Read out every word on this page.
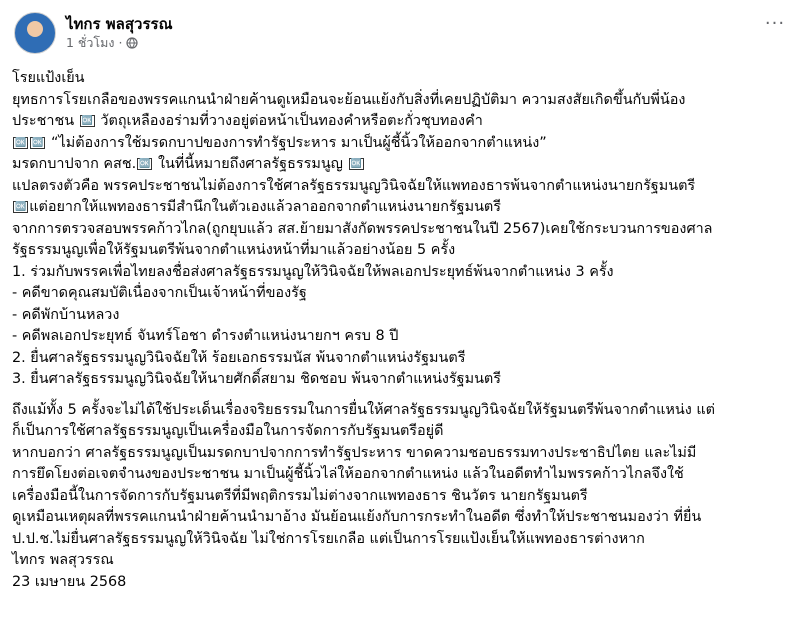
ไทกร พลสุวรรณ
1 ชั่วโมง ·
···
โรยแป้งเย็น
ยุทธการโรยเกลือของพรรคแกนนำฝ่ายค้านดูเหมือนจะย้อนแย้งกับสิ่งที่เคยปฏิบัติมา ความสงสัยเกิดขึ้นกับพี่น้อง
ประชาชน 🆗 วัตถุเหลืองอร่ามที่วางอยู่ต่อหน้าเป็นทองคำหรือตะกั่วชุบทองคำ
🆗 🆗 “ไม่ต้องการใช้มรดกบาปของการทำรัฐประหาร มาเป็นผู้ชี้นิ้วให้ออกจากตำแหน่ง”
มรดกบาปจาก คสช. 🆗 ในที่นี้หมายถึงศาลรัฐธรรมนูญ 🆗
แปลตรงตัวคือ พรรคประชาชนไม่ต้องการใช้ศาลรัฐธรรมนูญวินิจฉัยให้แพทองธารพ้นจากตำแหน่งนายกรัฐมนตรี
🆗 แต่อยากให้แพทองธารมีสำนึกในตัวเองแล้วลาออกจากตำแหน่งนายกรัฐมนตรี
จากการตรวจสอบพรรคก้าวไกล(ถูกยุบแล้ว สส.ย้ายมาสังกัดพรรคประชาชนในปี 2567)เคยใช้กระบวนการของศาล
รัฐธรรมนูญเพื่อให้รัฐมนตรีพ้นจากตำแหน่งหน้าที่มาแล้วอย่างน้อย 5 ครั้ง
1. ร่วมกับพรรคเพื่อไทยลงชื่อส่งศาลรัฐธรรมนูญให้วินิจฉัยให้พลเอกประยุทธ์พ้นจากตำแหน่ง 3 ครั้ง
- คดีขาดคุณสมบัติเนื่องจากเป็นเจ้าหน้าที่ของรัฐ
- คดีพักบ้านหลวง
- คดีพลเอกประยุทธ์ จันทร์โอชา ดำรงตำแหน่งนายกฯ ครบ 8 ปี
2. ยื่นศาลรัฐธรรมนูญวินิจฉัยให้ ร้อยเอกธรรมนัส พ้นจากตำแหน่งรัฐมนตรี
3. ยื่นศาลรัฐธรรมนูญวินิจฉัยให้นายศักดิ์สยาม ชิดชอบ พ้นจากตำแหน่งรัฐมนตรี
ถึงแม้ทั้ง 5 ครั้งจะไม่ได้ใช้ประเด็นเรื่องจริยธรรมในการยื่นให้ศาลรัฐธรรมนูญวินิจฉัยให้รัฐมนตรีพ้นจากตำแหน่ง แต่
ก็เป็นการใช้ศาลรัฐธรรมนูญเป็นเครื่องมือในการจัดการกับรัฐมนตรีอยู่ดี
หากบอกว่า ศาลรัฐธรรมนูญเป็นมรดกบาปจากการทำรัฐประหาร ขาดความชอบธรรมทางประชาธิปไตย และไม่มี
การยึดโยงต่อเจตจำนงของประชาชน มาเป็นผู้ชี้นิ้วไล่ให้ออกจากตำแหน่ง แล้วในอดีตทำไมพรรคก้าวไกลจึงใช้
เครื่องมือนี้ในการจัดการกับรัฐมนตรีที่มีพฤติกรรมไม่ต่างจากแพทองธาร ชินวัตร นายกรัฐมนตรี
ดูเหมือนเหตุผลที่พรรคแกนนำฝ่ายค้านนำมาอ้าง มันย้อนแย้งกับการกระทำในอดีต ซึ่งทำให้ประชาชนมองว่า ที่ยื่น
ป.ป.ช.ไม่ยื่นศาลรัฐธรรมนูญให้วินิจฉัย ไม่ใช่การโรยเกลือ แต่เป็นการโรยแป้งเย็นให้แพทองธารต่างหาก
ไทกร พลสุวรรณ
23 เมษายน 2568
